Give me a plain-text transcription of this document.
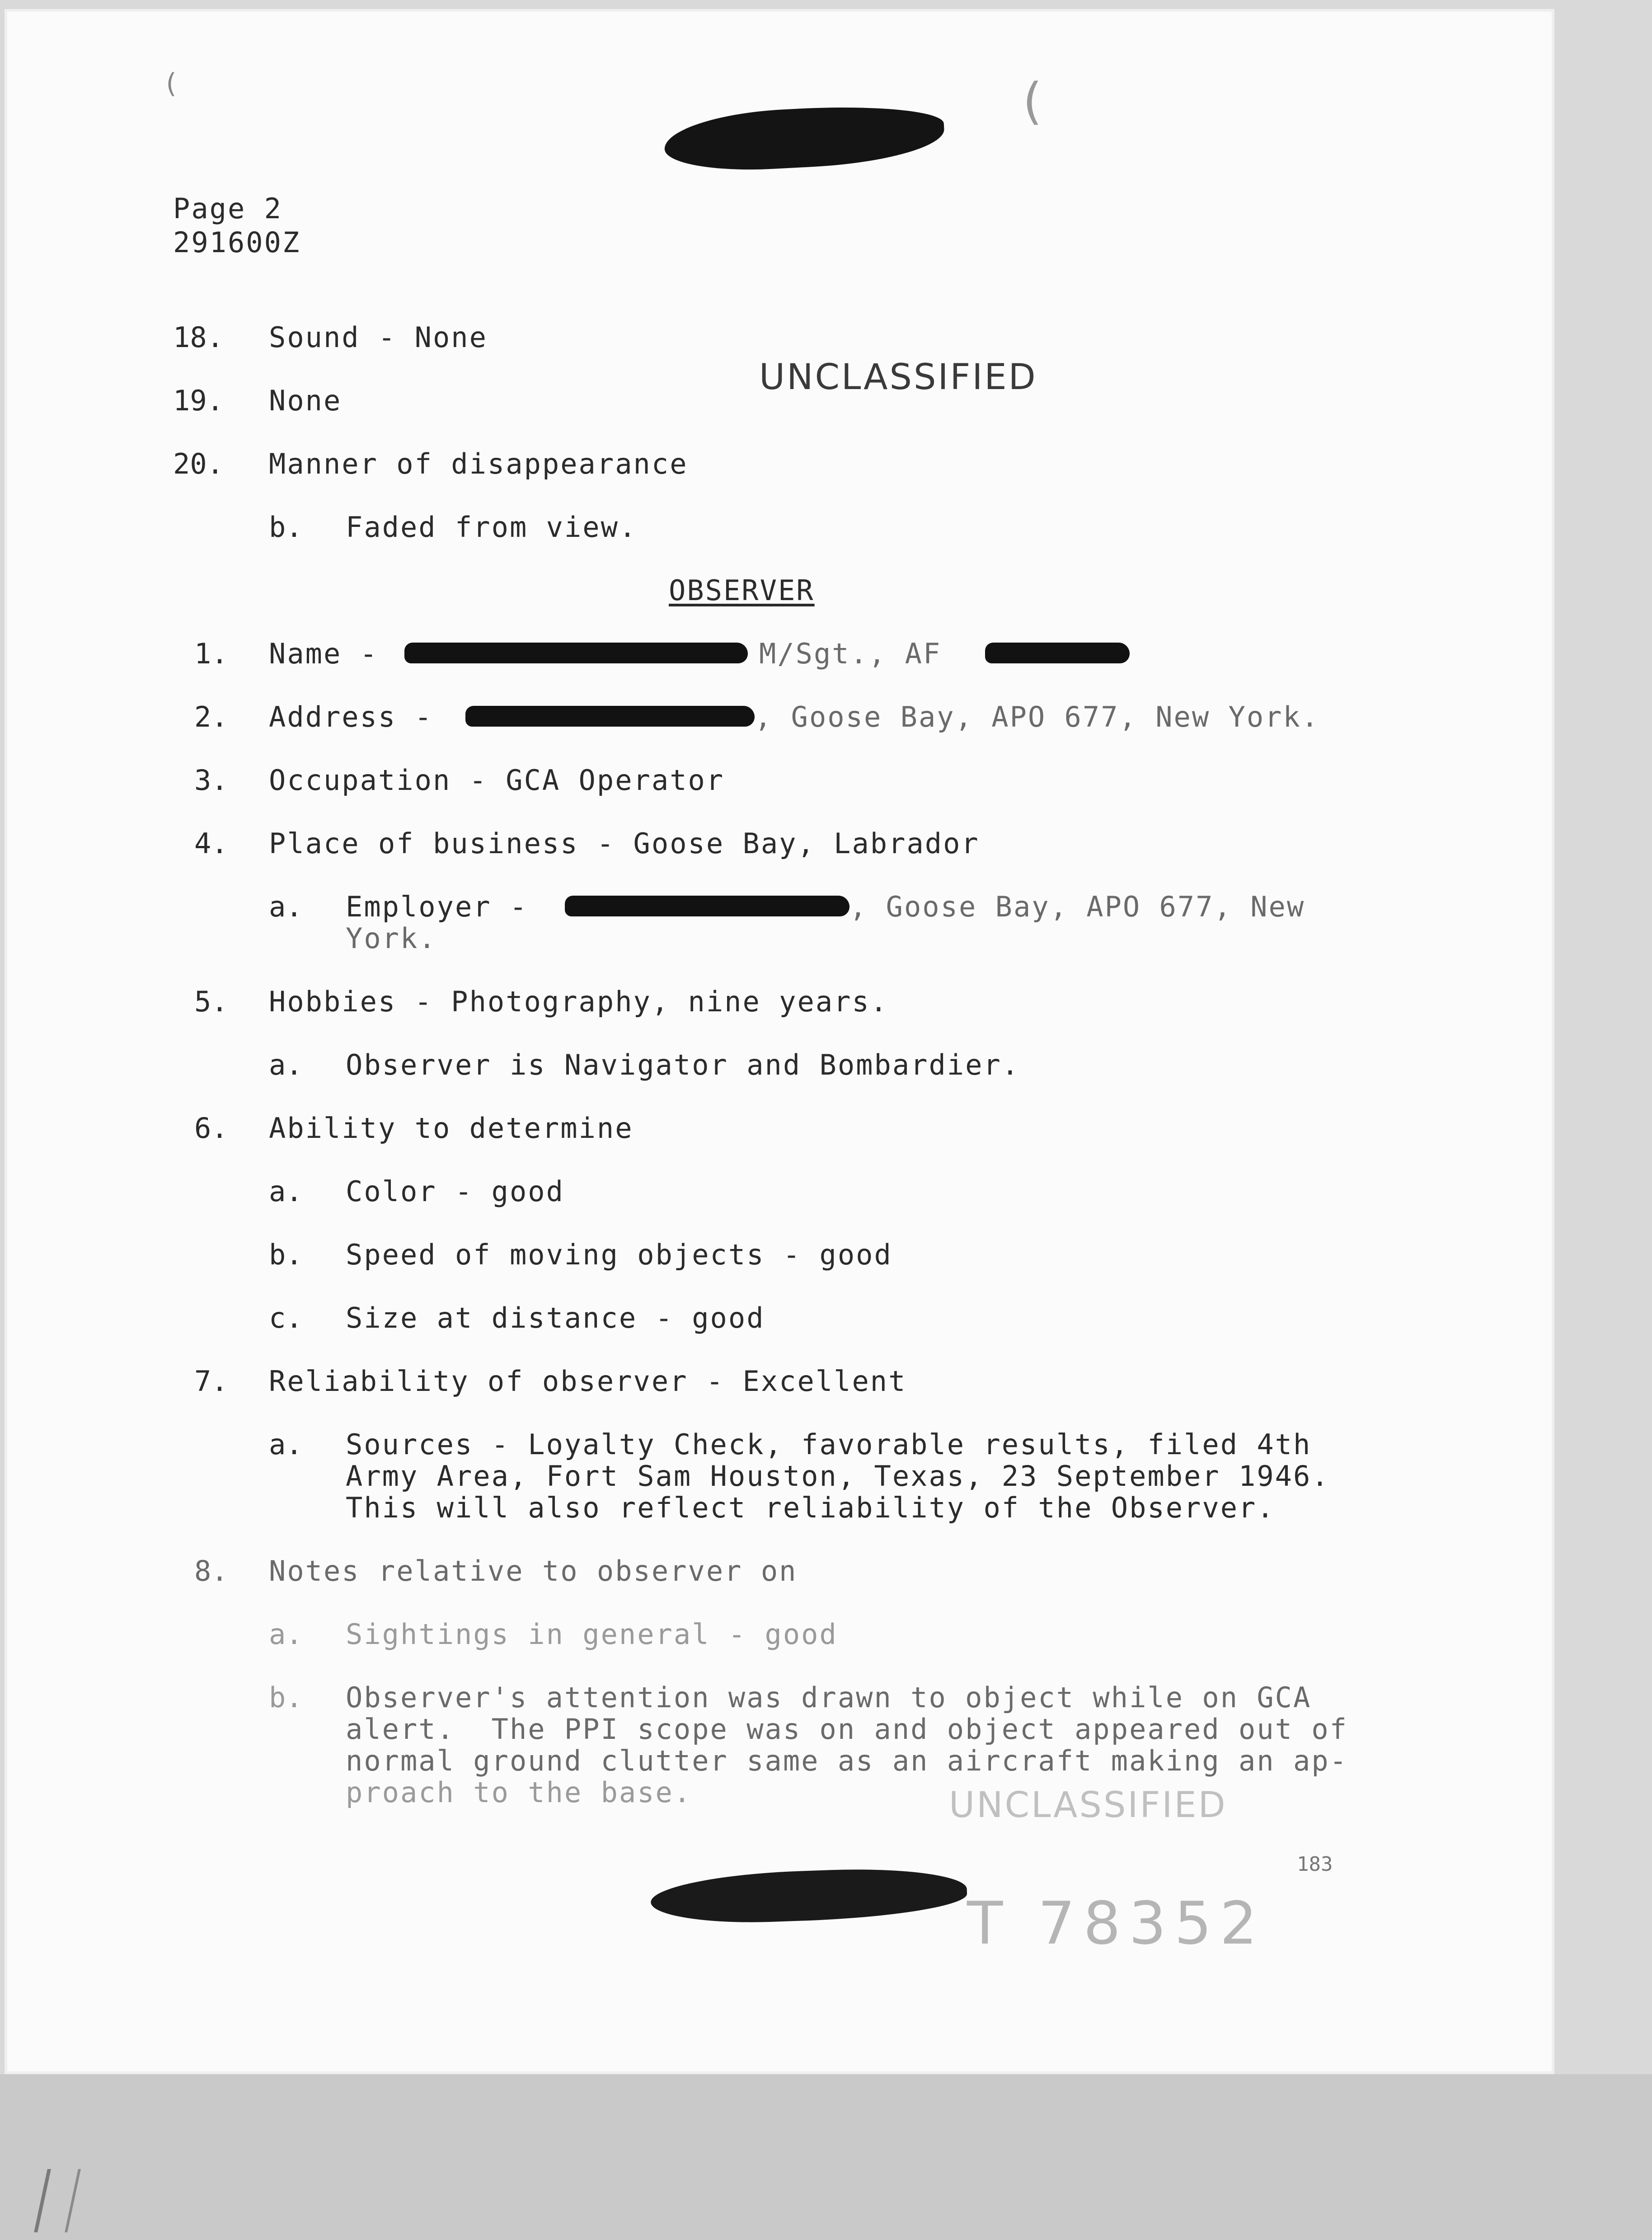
(	(
Page 2
291600Z
UNCLASSIFIED
18. Sound - None
19. None
20. Manner of disappearance
b. Faded from view.
OBSERVER
1. Name -	M/Sgt., AF
2. Address -	, Goose Bay, APO 677, New York.
3. Occupation - GCA Operator
4. Place of business - Goose Bay, Labrador
a. Employer -	, Goose Bay, APO 677, New
York.
5. Hobbies - Photography, nine years.
a. Observer is Navigator and Bombardier.
6. Ability to determine
a. Color - good
b. Speed of moving objects - good
c. Size at distance - good
7. Reliability of observer - Excellent
a. Sources - Loyalty Check, favorable results, filed 4th
Army Area, Fort Sam Houston, Texas, 23 September 1946.
This will also reflect reliability of the Observer.
8. Notes relative to observer on
a. Sightings in general - good
b. Observer's attention was drawn to object while on GCA
alert.  The PPI scope was on and object appeared out of
normal ground clutter same as an aircraft making an ap-
proach to the base.	UNCLASSIFIED
183
T 78352
